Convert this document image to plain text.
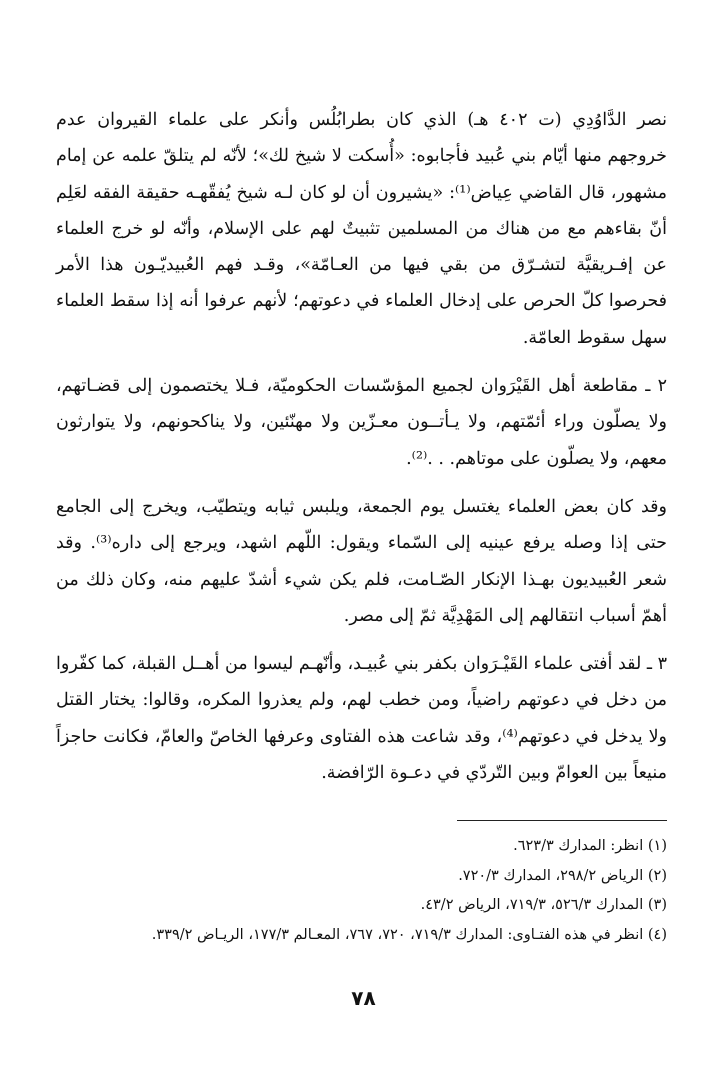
نصر الدَّاوُدِي (ت ٤٠٢ هـ) الذي كان بطرابُلُس وأنكر على علماء القيروان عدم خروجهم منها أيّام بني عُبيد فأجابوه: «أُسكت لا شيخ لك»؛ لأنّه لم يتلقّ علمه عن إمام مشهور، قال القاضي عِياض⁽¹⁾: «يشيرون أن لو كان لـه شيخ يُفقّهـه حقيقة الفقه لعَلِم أنّ بقاءهم مع من هناك من المسلمين تثبيتٌ لهم على الإسلام، وأنّه لو خرج العلماء عن إفـريقيَّة لتشـرّق من بقي فيها من العـامّة»، وقـد فهم العُبيديّـون هذا الأمر فحرصوا كلّ الحرص على إدخال العلماء في دعوتهم؛ لأنهم عرفوا أنه إذا سقط العلماء سهل سقوط العامّة.

٢ ـ مقاطعة أهل القَيْرَوان لجميع المؤسّسات الحكوميّة، فـلا يختصمون إلى قضـاتهم، ولا يصلّون وراء أئمّتهم، ولا يـأتــون معـزّين ولا مهنّئين، ولا يناكحونهم، ولا يتوارثون معهم، ولا يصلّون على موتاهم. . .⁽²⁾.

وقد كان بعض العلماء يغتسل يوم الجمعة، ويلبس ثيابه ويتطيّب، ويخرج إلى الجامع حتى إذا وصله يرفع عينيه إلى السّماء ويقول: اللّهم اشهد، ويرجع إلى داره⁽³⁾. وقد شعر العُبيديون بهـذا الإنكار الصّـامت، فلم يكن شيء أشدّ عليهم منه، وكان ذلك من أهمّ أسباب انتقالهم إلى المَهْدِيَّة ثمّ إلى مصر.

٣ ـ لقد أفتى علماء القَيْـرَوان بكفر بني عُبيـد، وأنّهـم ليسوا من أهــل القبلة، كما كفّروا من دخل في دعوتهم راضياً، ومن خطب لهم، ولم يعذروا المكره، وقالوا: يختار القتل ولا يدخل في دعوتهم⁽⁴⁾، وقد شاعت هذه الفتاوى وعرفها الخاصّ والعامّ، فكانت حاجزاً منيعاً بين العوامّ وبين التّردّي في دعـوة الرّافضة.

(١) انظر: المدارك ٦٢٣/٣.

(٢) الرياض ٢٩٨/٢، المدارك ٧٢٠/٣.

(٣) المدارك ٥٢٦/٣، ٧١٩/٣، الرياض ٤٣/٢.

(٤) انظر في هذه الفتـاوى: المدارك ٧١٩/٣، ٧٢٠، ٧٦٧، المعـالم ١٧٧/٣، الريـاض ٣٣٩/٢.

٧٨
